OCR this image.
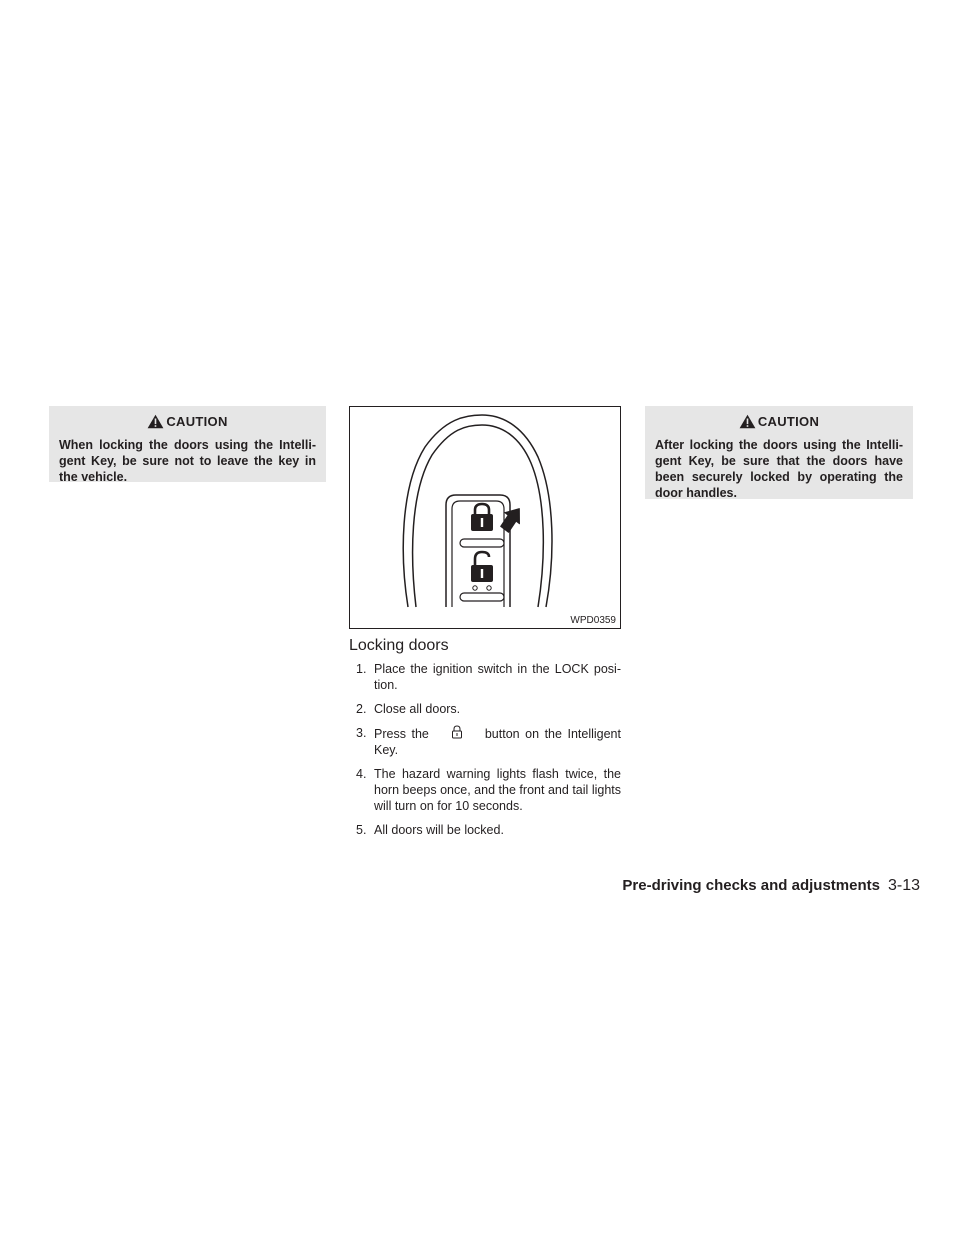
CAUTION
When locking the doors using the Intelli- gent Key, be sure not to leave the key in the vehicle.
WPD0359
Locking doors
1. Place the ignition switch in the LOCK posi- tion.
2. Close all doors.
3. Press the	button on the Intelligent Key.
4. The hazard warning lights flash twice, the horn beeps once, and the front and tail lights will turn on for 10 seconds.
5. All doors will be locked.
CAUTION
After locking the doors using the Intelli- gent Key, be sure that the doors have been securely locked by operating the door handles.
Pre-driving checks and adjustments 3-13
